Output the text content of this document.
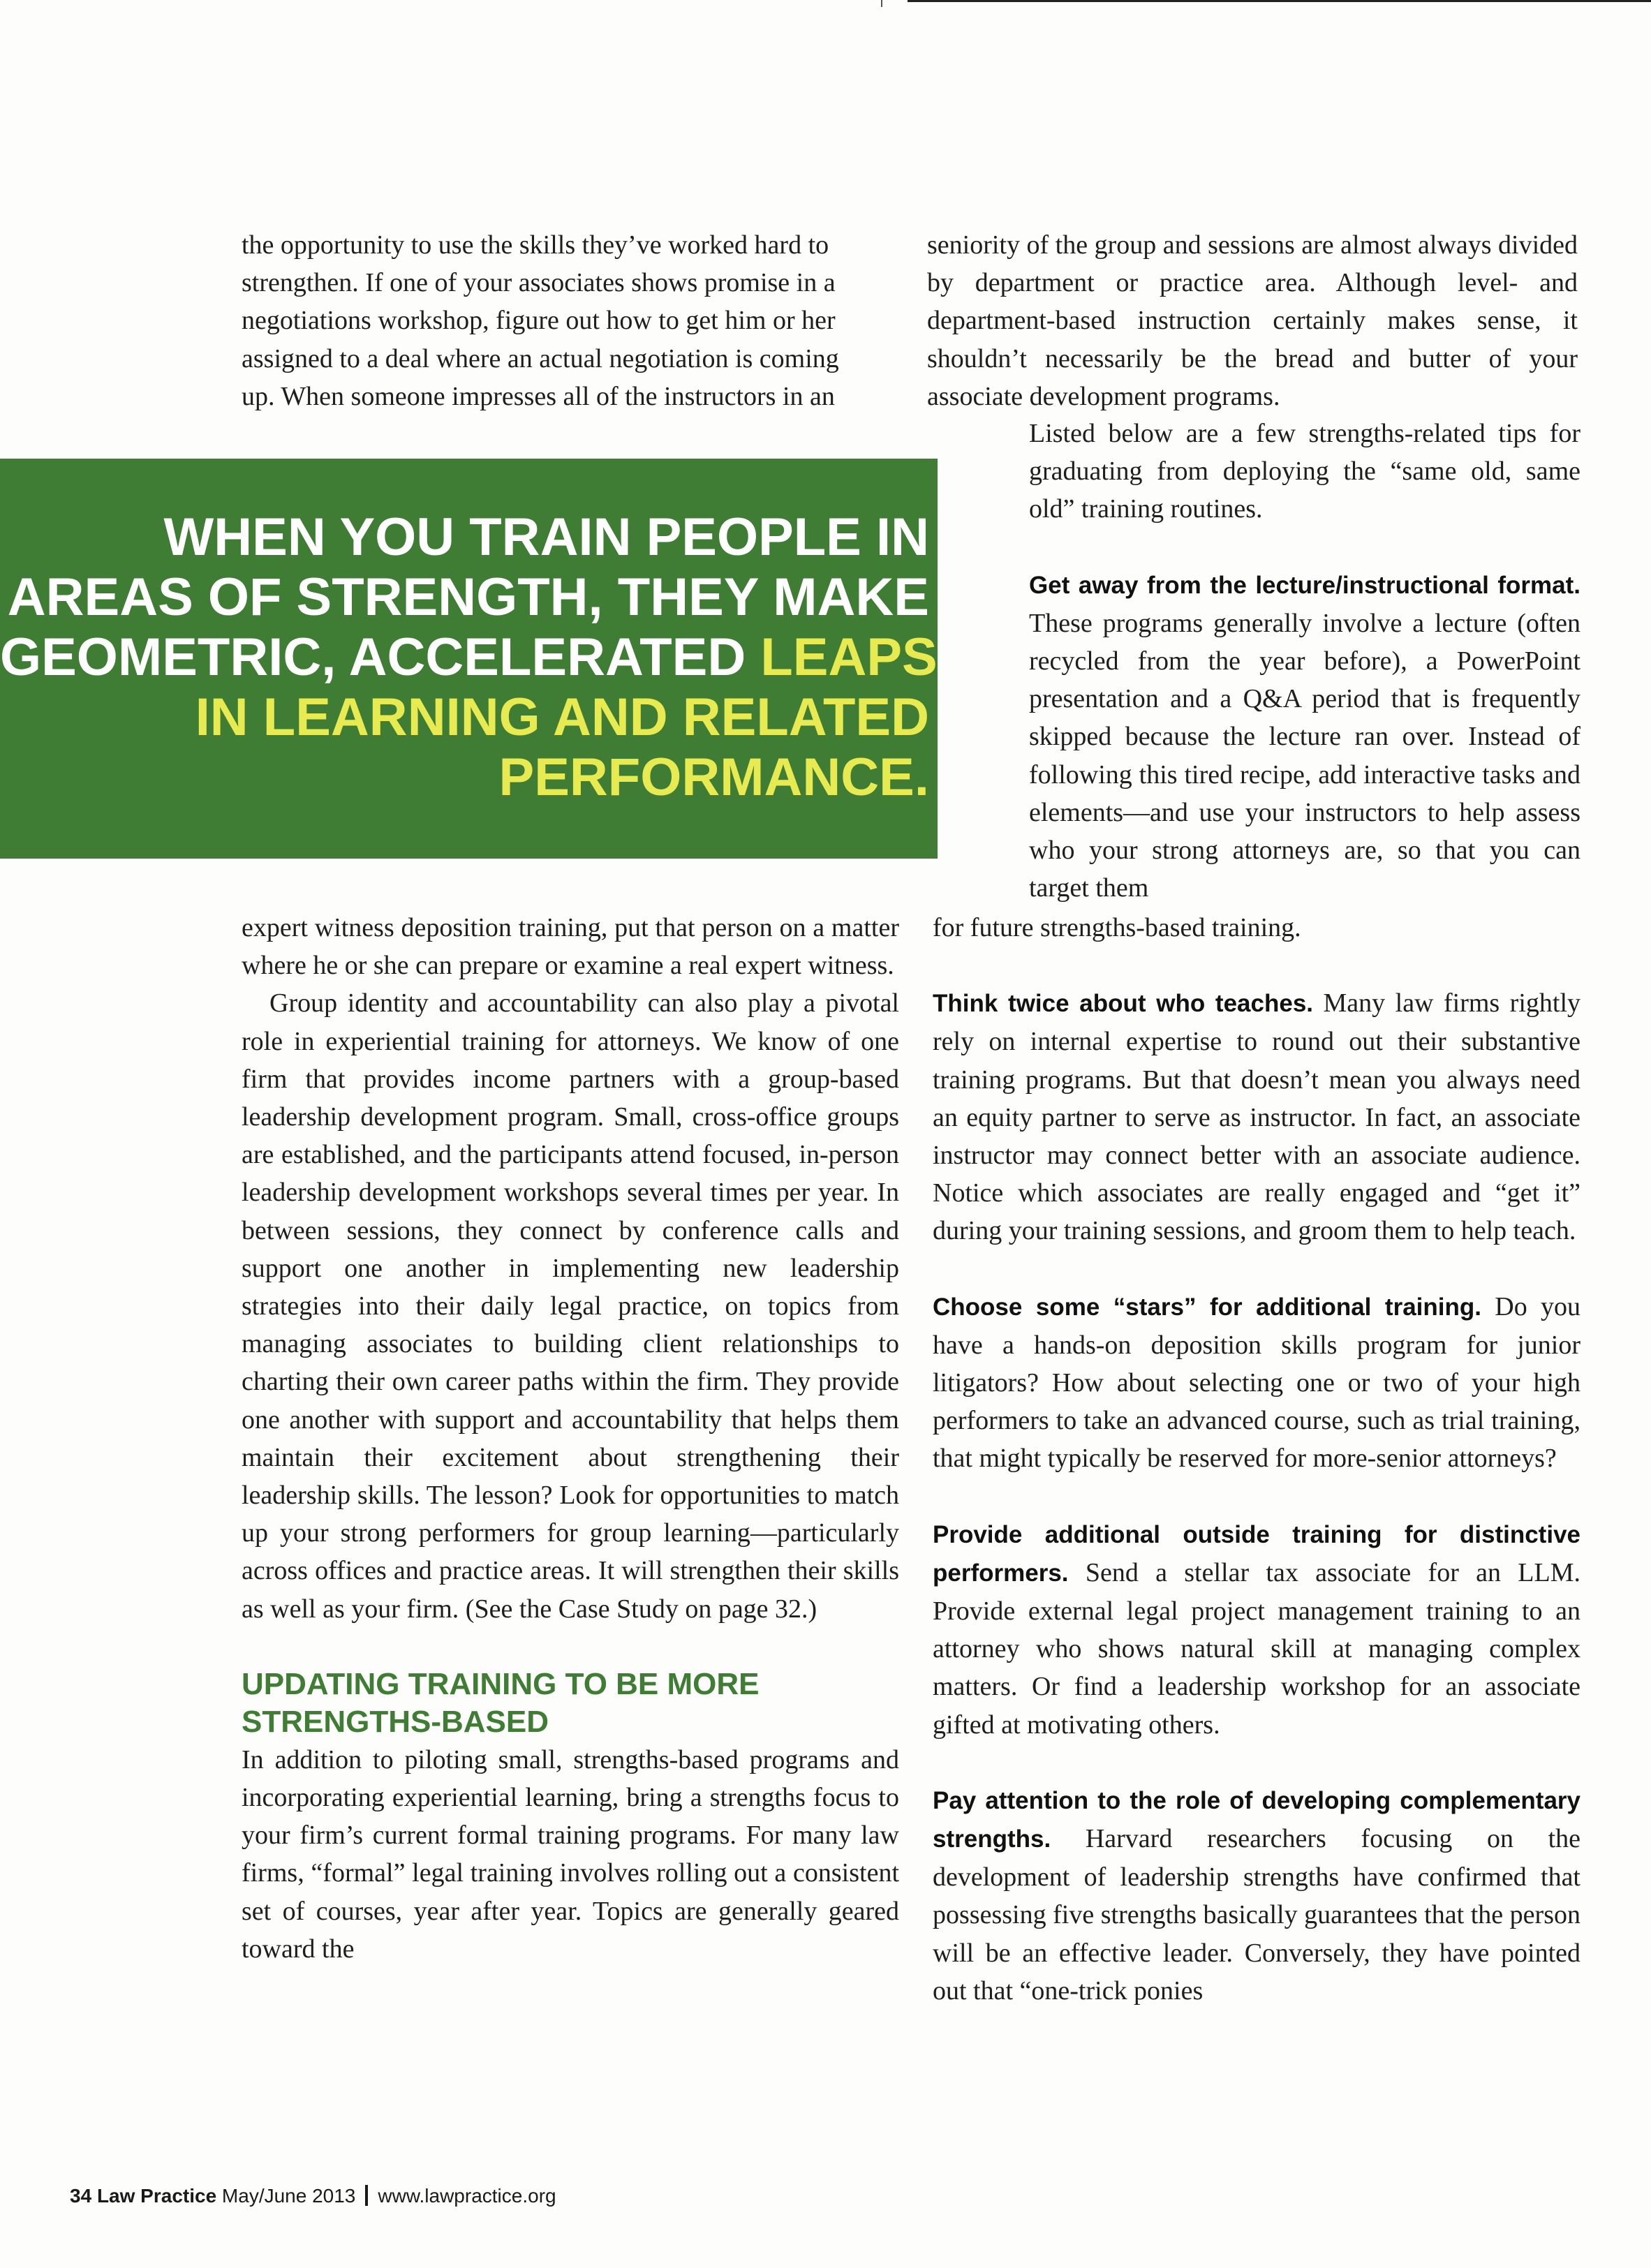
the opportunity to use the skills they’ve worked hard to

strengthen. If one of your associates shows promise in a

negotiations workshop, figure out how to get him or her

assigned to a deal where an actual negotiation is coming

up. When someone impresses all of the instructors in an

WHEN YOU TRAIN PEOPLE IN
AREAS OF STRENGTH, THEY MAKE
GEOMETRIC, ACCELERATED LEAPS
IN LEARNING AND RELATED
PERFORMANCE.

expert witness deposition training, put that person on a matter where he or she can prepare or examine a real expert witness.

Group identity and accountability can also play a pivotal role in experiential training for attorneys. We know of one firm that provides income partners with a group-based leadership development program. Small, cross-office groups are established, and the participants attend focused, in-person leadership development workshops several times per year. In between sessions, they connect by conference calls and support one another in implementing new leadership strategies into their daily legal practice, on topics from managing associates to building client relationships to charting their own career paths within the firm. They provide one another with support and accountability that helps them maintain their excitement about strengthening their leadership skills. The lesson? Look for opportunities to match up your strong performers for group learning—particularly across offices and practice areas. It will strengthen their skills as well as your firm. (See the Case Study on page 32.)

UPDATING TRAINING TO BE MORE
STRENGTHS-BASED

In addition to piloting small, strengths-based programs and incorporating experiential learning, bring a strengths focus to your firm’s current formal training programs. For many law firms, “formal” legal training involves rolling out a consistent set of courses, year after year. Topics are generally geared toward the

seniority of the group and sessions are almost always divided by department or practice area. Although level- and department-based instruction certainly makes sense, it shouldn’t necessarily be the bread and butter of your associate development programs.

Listed below are a few strengths-related tips for graduating from deploying the “same old, same old” training routines.

Get away from the lecture/instructional format. These programs generally involve a lecture (often recycled from the year before), a PowerPoint presentation and a Q&A period that is frequently skipped because the lecture ran over. Instead of following this tired recipe, add interactive tasks and elements—and use your instructors to help assess who your strong attorneys are, so that you can target them

for future strengths-based training.

Think twice about who teaches. Many law firms rightly rely on internal expertise to round out their substantive training programs. But that doesn’t mean you always need an equity partner to serve as instructor. In fact, an associate instructor may connect better with an associate audience. Notice which associates are really engaged and “get it” during your training sessions, and groom them to help teach.

Choose some “stars” for additional training. Do you have a hands-on deposition skills program for junior litigators? How about selecting one or two of your high performers to take an advanced course, such as trial training, that might typically be reserved for more-senior attorneys?

Provide additional outside training for distinctive performers. Send a stellar tax associate for an LLM. Provide external legal project management training to an attorney who shows natural skill at managing complex matters. Or find a leadership workshop for an associate gifted at motivating others.

Pay attention to the role of developing complementary strengths. Harvard researchers focusing on the development of leadership strengths have confirmed that possessing five strengths basically guarantees that the person will be an effective leader. Conversely, they have pointed out that “one-trick ponies

34 Law Practice May/June 2013 www.lawpractice.org
